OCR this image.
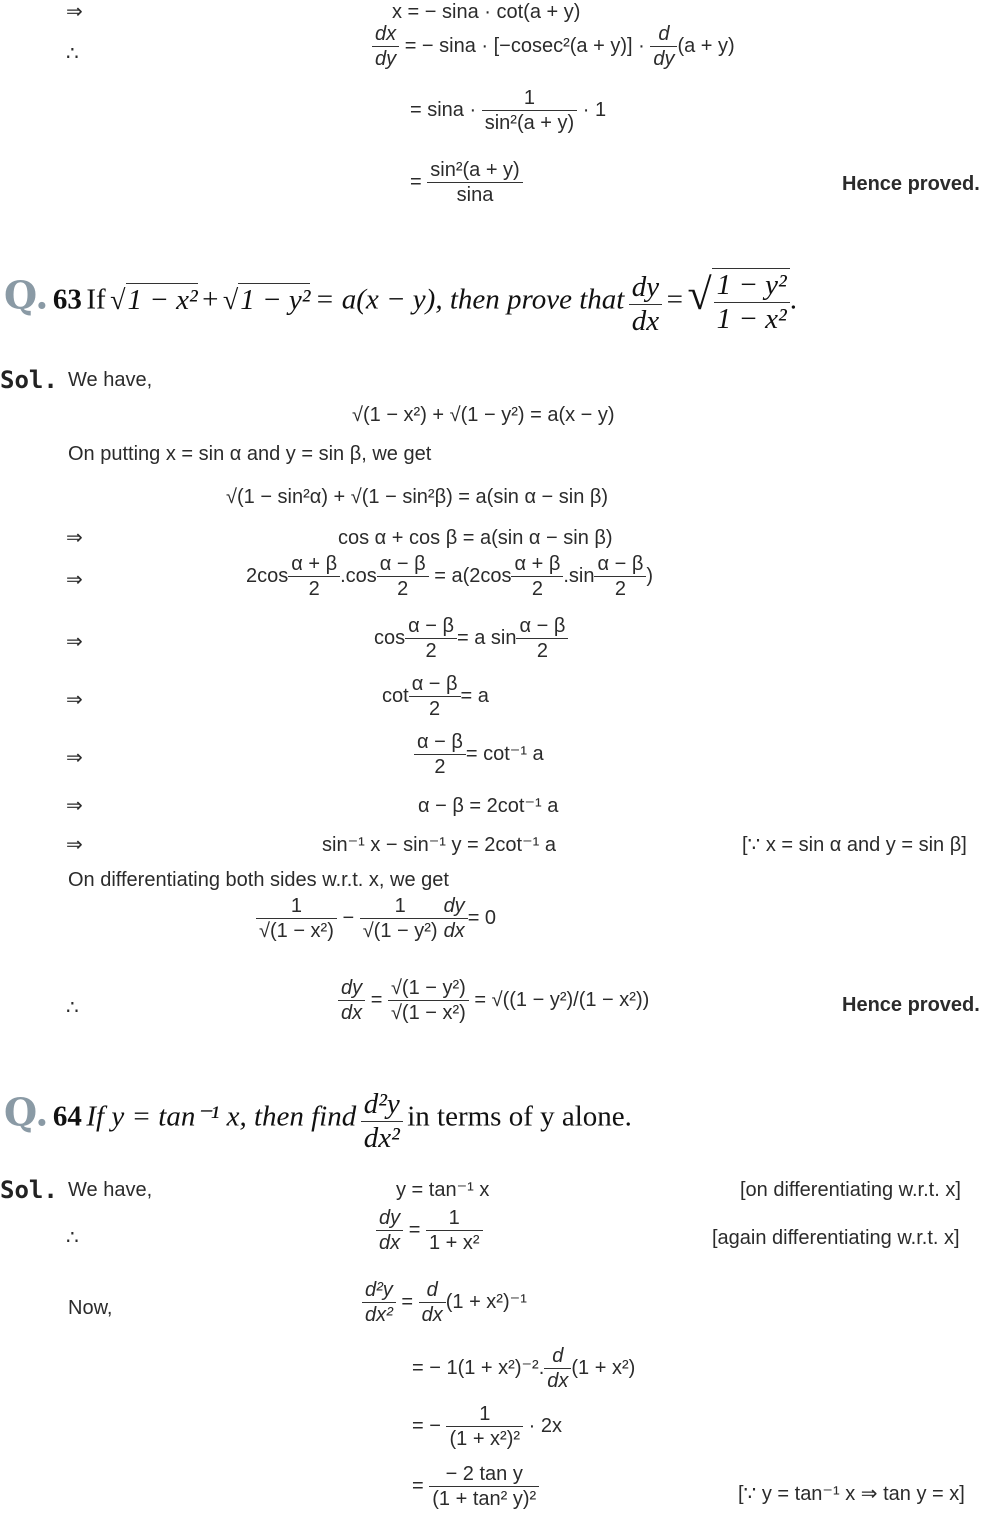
⇒	x = − sina · cot(a + y)
∴	$\frac{dx}{dy}$ = − $\sin a \cdot [-cosec^2(a + y)] \cdot \frac{d}{dy} (a + y)$
= $\sin a \cdot \frac{1}{\text{sin²(a + y)}} \cdot 1$
= $\frac{\text{sin²(a + y)}}{\sin a}$	Hence proved.
Q. 63 If √1 − x² + √1 − y² = a(x − y), then prove that $\frac{dy}{dx}$ = √ $\frac{\text{1 − y²}}{\text{1 − x²}}$ .
Sol. We have,
√(1 − x²) + √(1 − y²) = a(x − y)
On putting x = sin α and y = sin β, we get
√(1 − sin²α) + √(1 − sin²β) = a(sin α − sin β)
⇒	cos α + cos β = a(sin α − sin β)
⇒	$2\cos \frac{\alpha + \beta}{2} .\cos \frac{\alpha - \beta}{2} = a(2\cos \frac{\alpha + \beta}{2} .\sin \frac{\alpha - \beta}{2}$ )
⇒	$\cos \frac{\alpha - \beta}{2} = a$ $\sin \frac{\alpha - \beta}{2}$
⇒	$\cot \frac{\alpha - \beta}{2} = a$
⇒	$\frac{\alpha - \beta}{2} = \cot^{-1}$ a
⇒	α − β = 2cot⁻¹ a
⇒	sin⁻¹ x − sin⁻¹ y = 2cot⁻¹ a	[∵ x = sin α and y = sin β]
On differentiating both sides w.r.t. x, we get
$\frac{1}{\text{√(1 − x²)}} - \frac{1}{\text{√(1 − y²)}} \frac{dy}{dx} = 0$
∴	$\frac{dy}{dx} = \frac{\text{√(1 − y²)}}{\text{√(1 − x²)}} = √((1 - y^2)/(1 - x^2))$	Hence proved.
Q. 64 If y = tan⁻¹ x, then find $\frac{\text{d²y}}{\text{dx²}}$ in terms of y alone.
Sol. We have,	y = tan⁻¹ x	[on differentiating w.r.t. x]
∴	$\frac{dy}{dx} = \frac{1}{\text{1 + x²}}$	[again differentiating w.r.t. x]
Now,	$\frac{\text{d²y}}{\text{dx²}} = \frac{d}{dx} (1 + x^2)^{-1}$
= − 1(1 + x²)⁻². $\frac{d}{dx} (1 + x^2)$
= − $\frac{1}{\text{(1 + x²)²}} \cdot 2x$
= $\frac{\text{− 2 tan y}}{\text{(1 + tan² y)²}}$	[∵ y = tan⁻¹ x ⇒ tan y = x]
